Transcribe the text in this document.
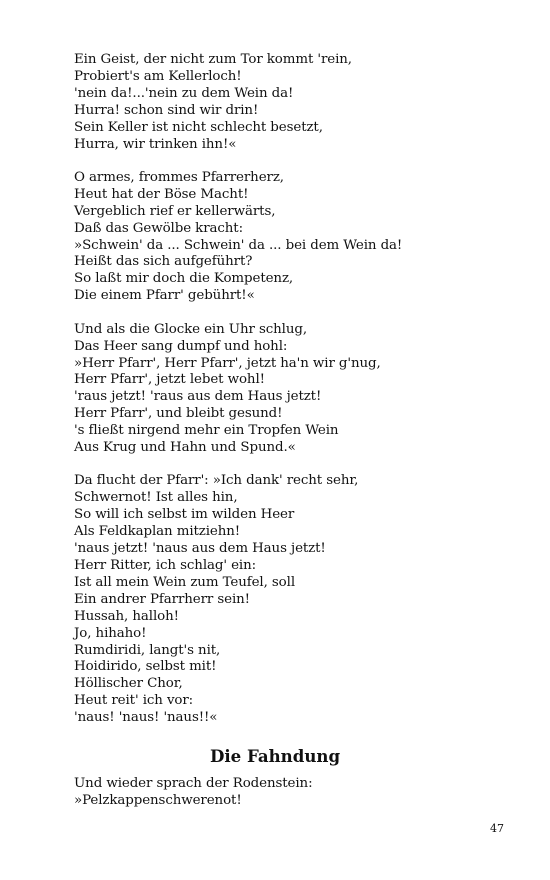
Ein Geist, der nicht zum Tor kommt 'rein,
Probiert's am Kellerloch!
'nein da!...'nein zu dem Wein da!
Hurra! schon sind wir drin!
Sein Keller ist nicht schlecht besetzt,
Hurra, wir trinken ihn!«
O armes, frommes Pfarrerherz,
Heut hat der Böse Macht!
Vergeblich rief er kellerwärts,
Daß das Gewölbe kracht:
»Schwein' da ... Schwein' da ... bei dem Wein da!
Heißt das sich aufgeführt?
So laßt mir doch die Kompetenz,
Die einem Pfarr' gebührt!«
Und als die Glocke ein Uhr schlug,
Das Heer sang dumpf und hohl:
»Herr Pfarr', Herr Pfarr', jetzt ha'n wir g'nug,
Herr Pfarr', jetzt lebet wohl!
'raus jetzt! 'raus aus dem Haus jetzt!
Herr Pfarr', und bleibt gesund!
's fließt nirgend mehr ein Tropfen Wein
Aus Krug und Hahn und Spund.«
Da flucht der Pfarr': »Ich dank' recht sehr,
Schwernot! Ist alles hin,
So will ich selbst im wilden Heer
Als Feldkaplan mitziehn!
'naus jetzt! 'naus aus dem Haus jetzt!
Herr Ritter, ich schlag' ein:
Ist all mein Wein zum Teufel, soll
Ein andrer Pfarrherr sein!
Hussah, halloh!
Jo, hihaho!
Rumdiridi, langt's nit,
Hoidirido, selbst mit!
Höllischer Chor,
Heut reit' ich vor:
'naus! 'naus! 'naus!!«
Die Fahndung
Und wieder sprach der Rodenstein:
»Pelzkappenschwerenot!
47
